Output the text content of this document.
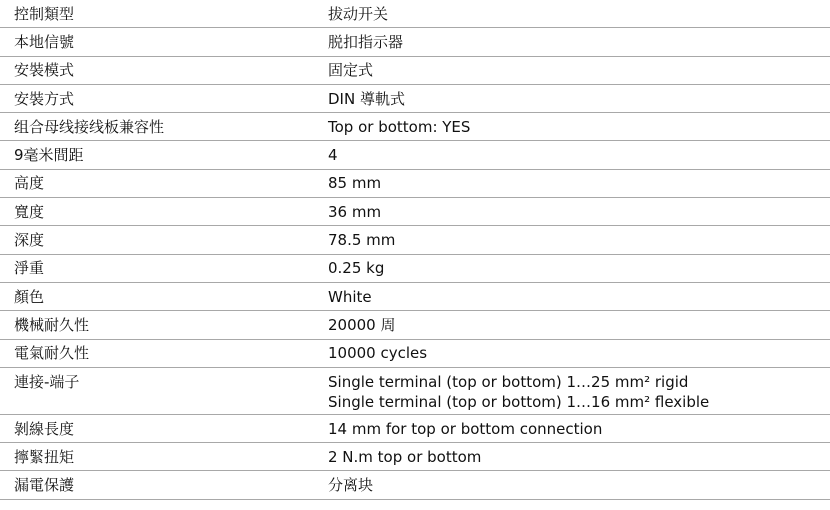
控制類型	拔动开关
本地信號	脱扣指示器
安裝模式	固定式
安裝方式	DIN 導軌式
组合母线接线板兼容性	Top or bottom: YES
9毫米間距	4
高度	85 mm
寬度	36 mm
深度	78.5 mm
淨重	0.25 kg
顏色	White
機械耐久性	20000 周
電氣耐久性	10000 cycles
連接-端子	Single terminal (top or bottom) 1…25 mm² rigid
Single terminal (top or bottom) 1…16 mm² flexible
剝線長度	14 mm for top or bottom connection
擰緊扭矩	2 N.m top or bottom
漏電保護	分离块
